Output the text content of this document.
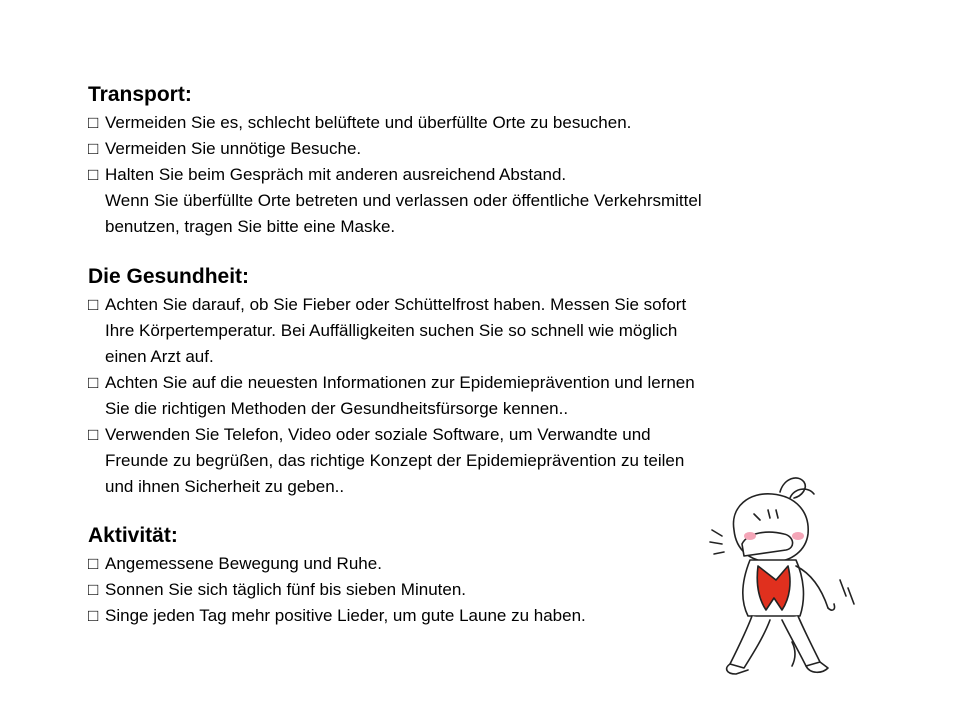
Transport:
□ Vermeiden Sie es, schlecht belüftete und überfüllte Orte zu besuchen.
□ Vermeiden Sie unnötige Besuche.
□ Halten Sie beim Gespräch mit anderen ausreichend Abstand.
Wenn Sie überfüllte Orte betreten und verlassen oder öffentliche Verkehrsmittel
benutzen, tragen Sie bitte eine Maske.
Die Gesundheit:
□ Achten Sie darauf, ob Sie Fieber oder Schüttelfrost haben. Messen Sie sofort
Ihre Körpertemperatur. Bei Auffälligkeiten suchen Sie so schnell wie möglich
einen Arzt auf.
□ Achten Sie auf die neuesten Informationen zur Epidemieprävention und lernen
Sie die richtigen Methoden der Gesundheitsfürsorge kennen..
□ Verwenden Sie Telefon, Video oder soziale Software, um Verwandte und
Freunde zu begrüßen, das richtige Konzept der Epidemieprävention zu teilen
und ihnen Sicherheit zu geben..
Aktivität:
□ Angemessene Bewegung und Ruhe.
□ Sonnen Sie sich täglich fünf bis sieben Minuten.
□ Singe jeden Tag mehr positive Lieder, um gute Laune zu haben.
